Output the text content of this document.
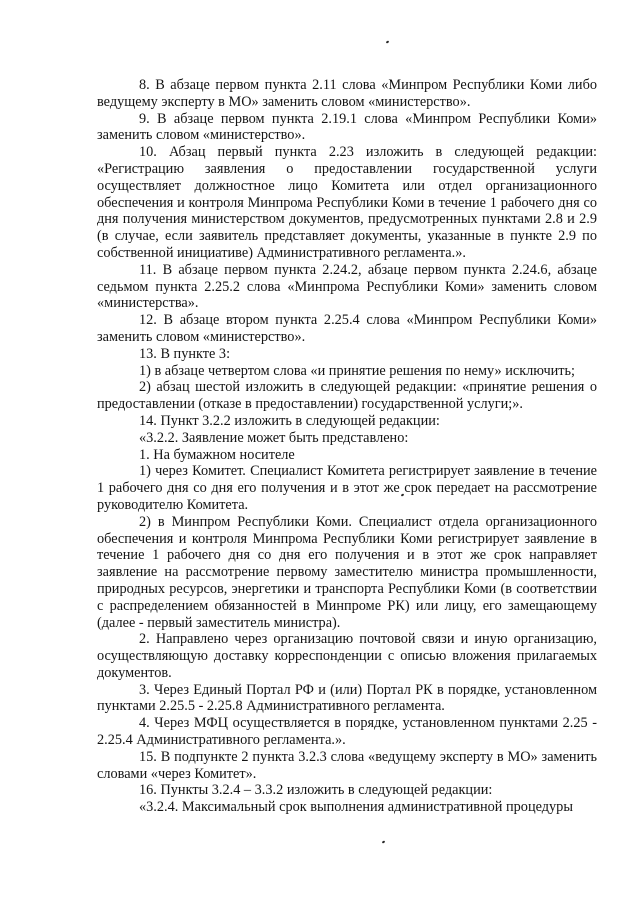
8. В абзаце первом пункта 2.11 слова «Минпром Республики Коми либо ведущему эксперту в МО» заменить словом «министерство».

9. В абзаце первом пункта 2.19.1 слова «Минпром Республики Коми» заменить словом «министерство».

10. Абзац первый пункта 2.23 изложить в следующей редакции: «Регистрацию заявления о предоставлении государственной услуги осуществляет должностное лицо Комитета или отдел организационного обеспечения и контроля Минпрома Республики Коми в течение 1 рабочего дня со дня получения министерством документов, предусмотренных пунктами 2.8 и 2.9 (в случае, если заявитель представляет документы, указанные в пункте 2.9 по собственной инициативе) Административного регламента.».

11. В абзаце первом пункта 2.24.2, абзаце первом пункта 2.24.6, абзаце седьмом пункта 2.25.2 слова «Минпрома Республики Коми» заменить словом «министерства».

12. В абзаце втором пункта 2.25.4 слова «Минпром Республики Коми» заменить словом «министерство».

13. В пункте 3:

1) в абзаце четвертом слова «и принятие решения по нему» исключить;

2) абзац шестой изложить в следующей редакции: «принятие решения о предоставлении (отказе в предоставлении) государственной услуги;».

14. Пункт 3.2.2 изложить в следующей редакции:

«3.2.2. Заявление может быть представлено:

1. На бумажном носителе

1) через Комитет. Специалист Комитета регистрирует заявление в течение 1 рабочего дня со дня его получения и в этот же срок передает на рассмотрение руководителю Комитета.

2) в Минпром Республики Коми. Специалист отдела организационного обеспечения и контроля Минпрома Республики Коми регистрирует заявление в течение 1 рабочего дня со дня его получения и в этот же срок направляет заявление на рассмотрение первому заместителю министра промышленности, природных ресурсов, энергетики и транспорта Республики Коми (в соответствии с распределением обязанностей в Минпроме РК) или лицу, его замещающему (далее - первый заместитель министра).

2. Направлено через организацию почтовой связи и иную организацию, осуществляющую доставку корреспонденции с описью вложения прилагаемых документов.

3. Через Единый Портал РФ и (или) Портал РК в порядке, установленном пунктами 2.25.5 - 2.25.8 Административного регламента.

4. Через МФЦ осуществляется в порядке, установленном пунктами 2.25 - 2.25.4 Административного регламента.».

15. В подпункте 2 пункта 3.2.3 слова «ведущему эксперту в МО» заменить словами «через Комитет».

16. Пункты 3.2.4 – 3.3.2 изложить в следующей редакции:

«3.2.4. Максимальный срок выполнения административной процедуры
